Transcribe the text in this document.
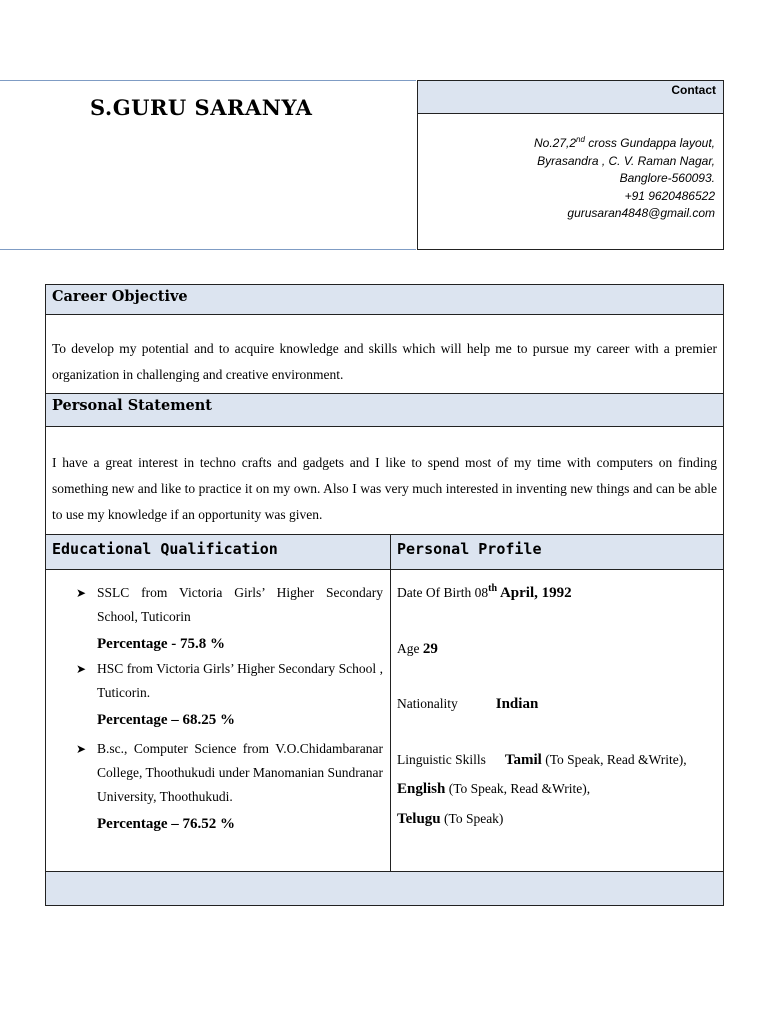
S.GURU SARANYA
Contact
No.27,2nd cross Gundappa layout,
Byrasandra , C. V. Raman Nagar,
Banglore-560093.
+91 9620486522
gurusaran4848@gmail.com
Career Objective
To develop my potential and to acquire knowledge and skills which will help me to pursue my career with a premier organization in challenging and creative environment.
Personal Statement
I have a great interest in techno crafts and gadgets and I like to spend most of my time with computers on finding something new and like to practice it on my own. Also I was very much interested in inventing new things and can be able to use my knowledge if an opportunity was given.
Educational Qualification	Personal Profile
➤ SSLC from Victoria Girls’ Higher Secondary School, Tuticorin
Percentage - 75.8 %
➤ HSC from Victoria Girls’ Higher Secondary School , Tuticorin.
Percentage – 68.25 %
➤ B.sc., Computer Science from V.O.Chidambaranar College, Thoothukudi under Manomanian Sundranar University, Thoothukudi.
Percentage – 76.52 %
Date Of Birth 08th April, 1992
Age 29
Nationality	Indian
Linguistic Skills Tamil (To Speak, Read &Write),
English (To Speak, Read &Write),
Telugu (To Speak)
